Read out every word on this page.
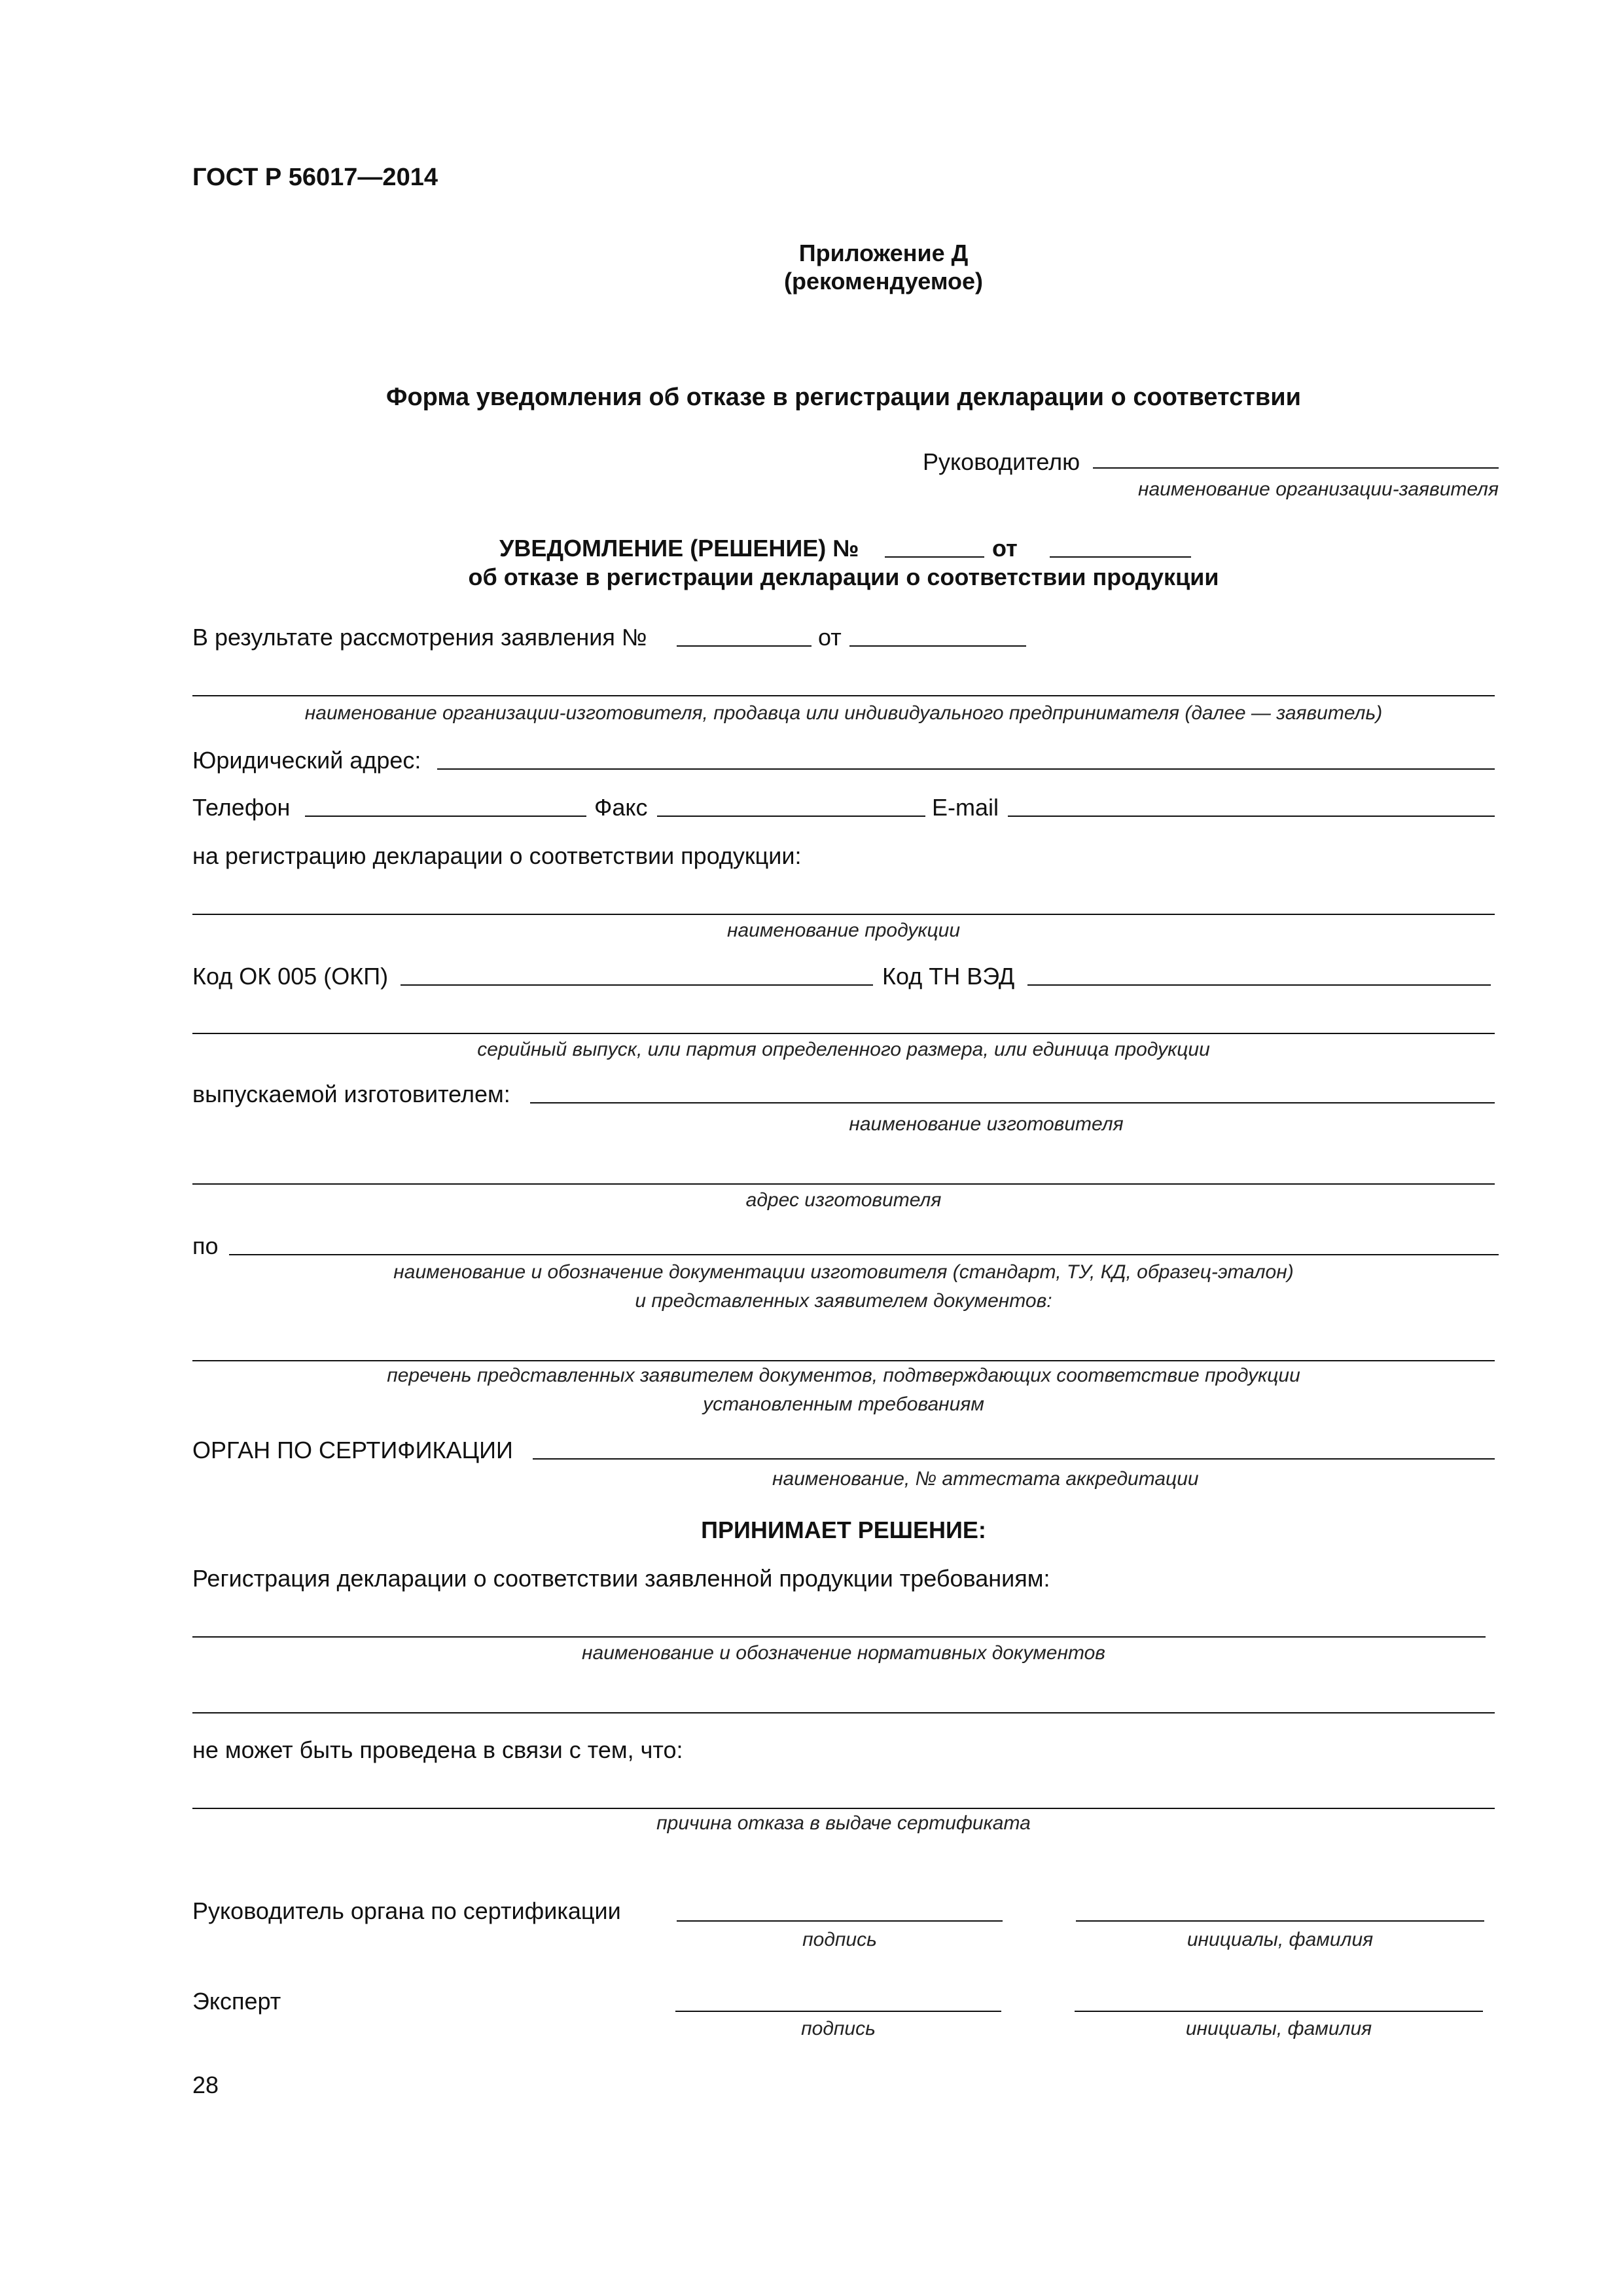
ГОСТ Р 56017—2014
Приложение Д
(рекомендуемое)
Форма уведомления об отказе в регистрации декларации о соответствии
Руководителю
наименование организации-заявителя
УВЕДОМЛЕНИЕ (РЕШЕНИЕ) №	от
об отказе в регистрации декларации о соответствии продукции
В результате рассмотрения заявления №	от
наименование организации-изготовителя, продавца или индивидуального предпринимателя (далее — заявитель)
Юридический адрес:
Телефон	Факс	E-mail
на регистрацию декларации о соответствии продукции:
наименование продукции
Код ОК 005 (ОКП)	Код ТН ВЭД
серийный выпуск, или партия определенного размера, или единица продукции
выпускаемой изготовителем:
наименование изготовителя
адрес изготовителя
по
наименование и обозначение документации изготовителя (стандарт, ТУ, КД, образец-эталон)
и представленных заявителем документов:
перечень представленных заявителем документов, подтверждающих соответствие продукции
установленным требованиям
ОРГАН ПО СЕРТИФИКАЦИИ
наименование, № аттестата аккредитации
ПРИНИМАЕТ РЕШЕНИЕ:
Регистрация декларации о соответствии заявленной продукции требованиям:
наименование и обозначение нормативных документов
не может быть проведена в связи с тем, что:
причина отказа в выдаче сертификата
Руководитель органа по сертификации
подпись	инициалы, фамилия
Эксперт
подпись	инициалы, фамилия
28
